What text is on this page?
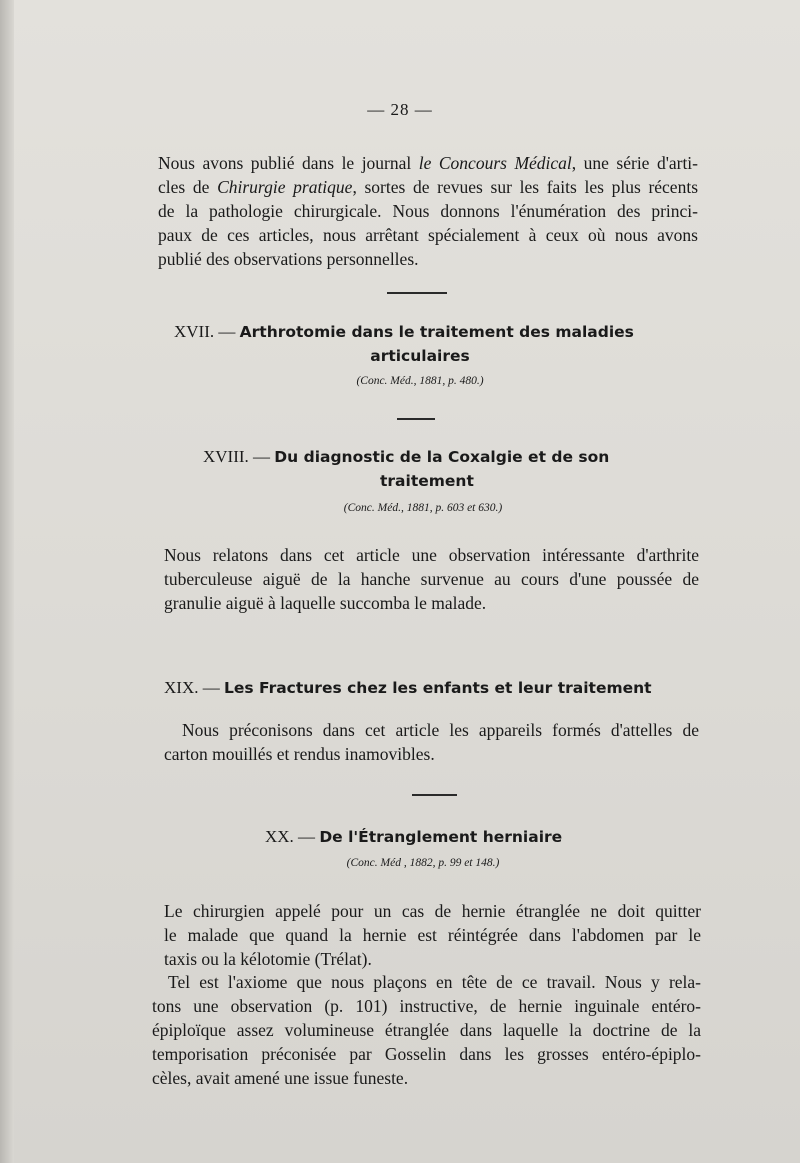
— 28 —
Nous avons publié dans le journal le Concours Médical, une série d'arti-
cles de Chirurgie pratique, sortes de revues sur les faits les plus récents
de la pathologie chirurgicale. Nous donnons l'énumération des princi-
paux de ces articles, nous arrêtant spécialement à ceux où nous avons
publié des observations personnelles.
XVII. — Arthrotomie dans le traitement des maladies
articulaires
(Conc. Méd., 1881, p. 480.)
XVIII. — Du diagnostic de la Coxalgie et de son
traitement
(Conc. Méd., 1881, p. 603 et 630.)
Nous relatons dans cet article une observation intéressante d'arthrite
tuberculeuse aiguë de la hanche survenue au cours d'une poussée de
granulie aiguë à laquelle succomba le malade.
XIX. — Les Fractures chez les enfants et leur traitement
Nous préconisons dans cet article les appareils formés d'attelles de
carton mouillés et rendus inamovibles.
XX. — De l'Étranglement herniaire
(Conc. Méd , 1882, p. 99 et 148.)
Le chirurgien appelé pour un cas de hernie étranglée ne doit quitter
le malade que quand la hernie est réintégrée dans l'abdomen par le
taxis ou la kélotomie (Trélat).
Tel est l'axiome que nous plaçons en tête de ce travail. Nous y rela-
tons une observation (p. 101) instructive, de hernie inguinale entéro-
épiploïque assez volumineuse étranglée dans laquelle la doctrine de la
temporisation préconisée par Gosselin dans les grosses entéro-épiplo-
cèles, avait amené une issue funeste.
